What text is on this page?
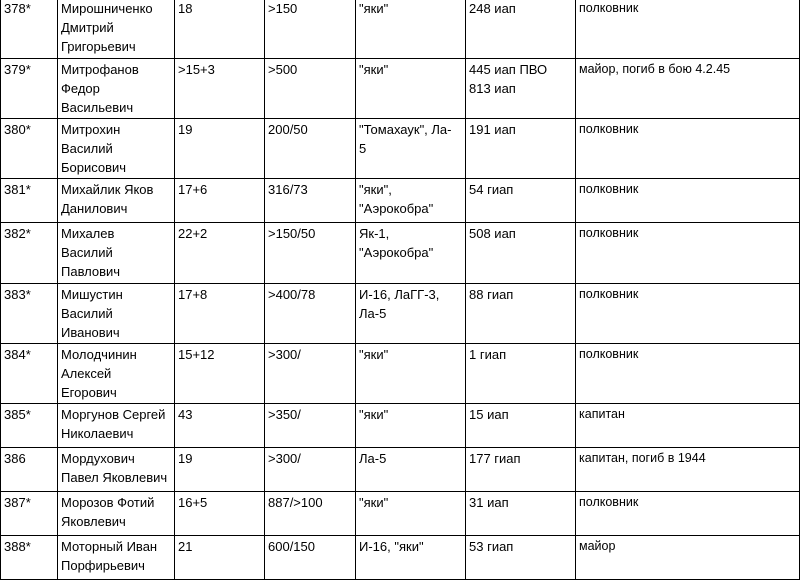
378*	Мирошниченко
Дмитрий
Григорьевич	18	>150	"яки"	248 иап	полковник
379*	Митрофанов
Федор
Васильевич	>15+3	>500	"яки"	445 иап ПВО
813 иап	майор, погиб в бою 4.2.45
380*	Митрохин
Василий
Борисович	19	200/50	"Томахаук", Ла-
5	191 иап	полковник
381*	Михайлик Яков
Данилович	17+6	316/73	"яки",
"Аэрокобра"	54 гиап	полковник
382*	Михалев
Василий
Павлович	22+2	>150/50	Як-1,
"Аэрокобра"	508 иап	полковник
383*	Мишустин
Василий
Иванович	17+8	>400/78	И-16, ЛаГГ-3,
Ла-5	88 гиап	полковник
384*	Молодчинин
Алексей
Егорович	15+12	>300/	"яки"	1 гиап	полковник
385*	Моргунов Сергей
Николаевич	43	>350/	"яки"	15 иап	капитан
386	Мордухович
Павел Яковлевич	19	>300/	Ла-5	177 гиап	капитан, погиб в 1944
387*	Морозов Фотий
Яковлевич	16+5	887/>100	"яки"	31 иап	полковник
388*	Моторный Иван
Порфирьевич	21	600/150	И-16, "яки"	53 гиап	майор
